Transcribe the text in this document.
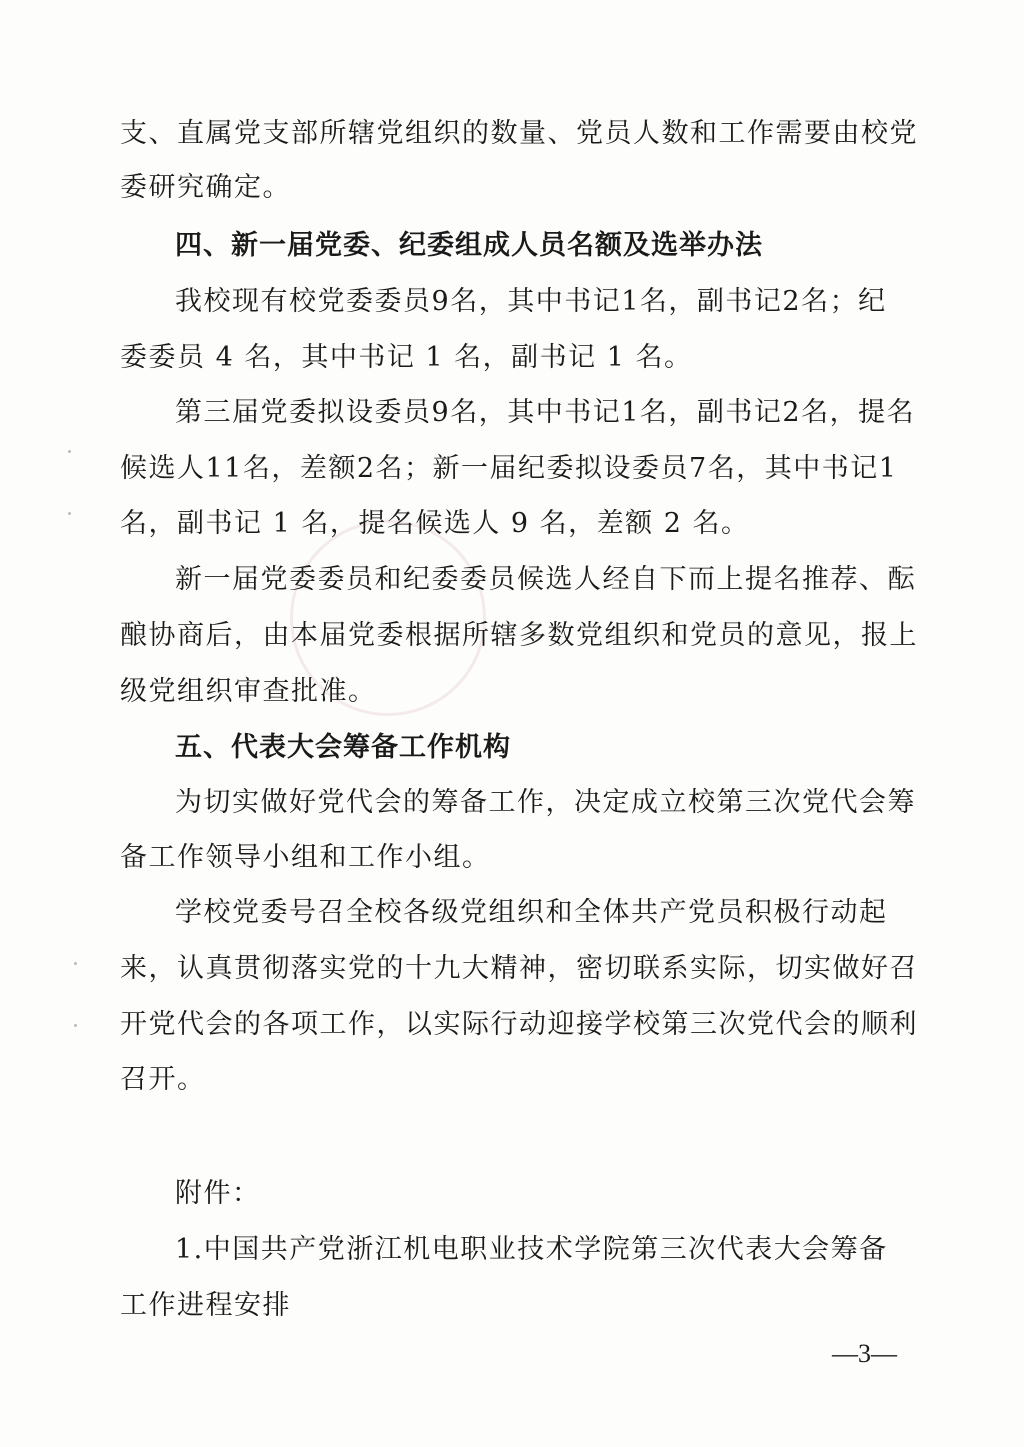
支 、 直 属 党 支 部 所 辖 党 组 织 的 数 量 、 党 员 人 数 和 工 作 需 要 由 校 党
委研究确定。
四、新一届党委、纪委组成人员名额及选举办法
我 校 现 有 校 党 委 委 员 9 名 ， 其 中 书 记 1 名 ， 副 书 记 2 名 ； 纪
委委员 4 名，其中书记 1 名，副书记 1 名。
第 三 届 党 委 拟 设 委 员 9 名 ， 其 中 书 记 1 名 ， 副 书 记 2 名 ， 提 名
候 选 人 11 名 ， 差 额 2 名 ； 新 一 届 纪 委 拟 设 委 员 7 名 ， 其 中 书 记 1
名，副书记 1 名，提名候选人 9 名，差额 2 名。
新 一 届 党 委 委 员 和 纪 委 委 员 候 选 人 经 自 下 而 上 提 名 推 荐 、 酝
酿 协 商 后 ， 由 本 届 党 委 根 据 所 辖 多 数 党 组 织 和 党 员 的 意 见 ， 报 上
级党组织审查批准。
五、代表大会筹备工作机构
为 切 实 做 好 党 代 会 的 筹 备 工 作 ， 决 定 成 立 校 第 三 次 党 代 会 筹
备工作领导小组和工作小组。
学 校 党 委 号 召 全 校 各 级 党 组 织 和 全 体 共 产 党 员 积 极 行 动 起
来 ， 认 真 贯 彻 落 实 党 的 十 九 大 精 神 ， 密 切 联 系 实 际 ， 切 实 做 好 召
开 党 代 会 的 各 项 工 作 ， 以 实 际 行 动 迎 接 学 校 第 三 次 党 代 会 的 顺 利
召开。
附件：
1. 中 国 共 产 党 浙 江 机 电 职 业 技 术 学 院 第 三 次 代 表 大 会 筹 备
工作进程安排
—3—
